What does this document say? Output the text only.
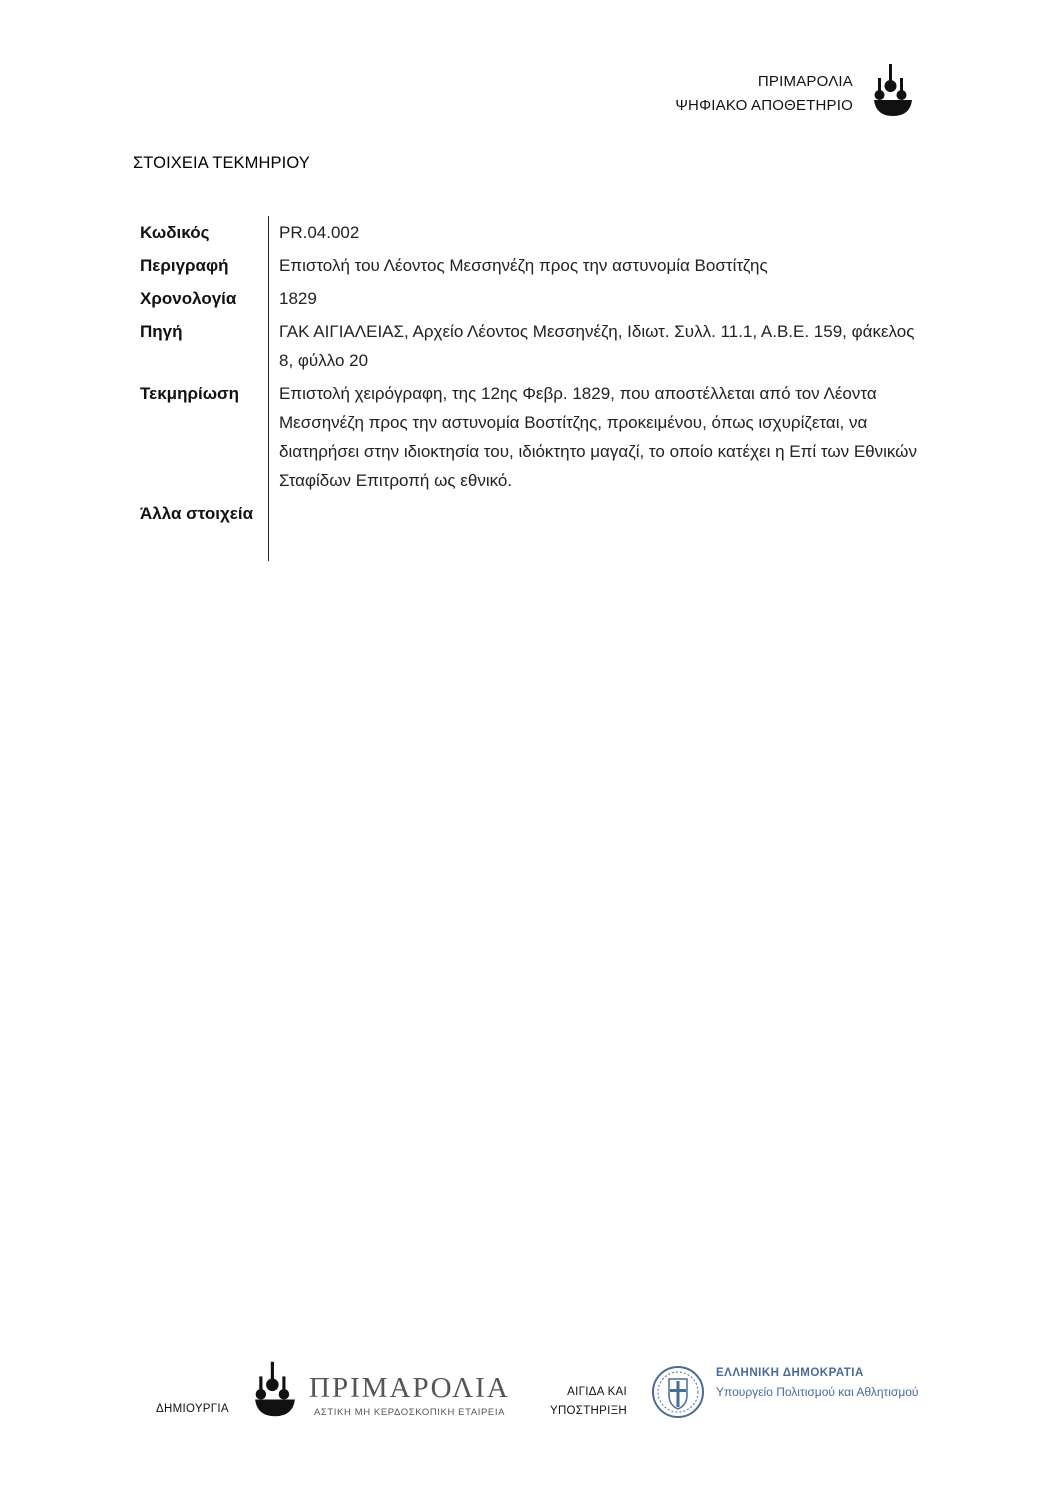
ΠΡΙΜΑΡΟΛΙΑ
ΨΗΦΙΑΚΟ ΑΠΟΘΕΤΗΡΙΟ
ΣΤΟΙΧΕΙΑ ΤΕΚΜΗΡΙΟΥ
Κωδικός	PR.04.002
Περιγραφή	Επιστολή του Λέοντος Μεσσηνέζη προς την αστυνομία Βοστίτζης
Χρονολογία	1829
Πηγή	ΓΑΚ ΑΙΓΙΑΛΕΙΑΣ, Αρχείο Λέοντος Μεσσηνέζη, Ιδιωτ. Συλλ. 11.1, Α.Β.Ε. 159, φάκελος 8, φύλλο 20
Τεκμηρίωση	Επιστολή χειρόγραφη, της 12ης Φεβρ. 1829, που αποστέλλεται από τον Λέοντα Μεσσηνέζη προς την αστυνομία Βοστίτζης, προκειμένου, όπως ισχυρίζεται, να διατηρήσει στην ιδιοκτησία του, ιδιόκτητο μαγαζί, το οποίο κατέχει η Επί των Εθνικών Σταφίδων Επιτροπή ως εθνικό.
Άλλα στοιχεία	
ΔΗΜΙΟΥΡΓΙΑ
ΠΡΙΜΑΡΟΛΙΑ
ΑΣΤΙΚΗ ΜΗ ΚΕΡΔΟΣΚΟΠΙΚΗ ΕΤΑΙΡΕΙΑ
ΑΙΓΙΔΑ ΚΑΙ
ΥΠΟΣΤΗΡΙΞΗ
ΕΛΛΗΝΙΚΗ ΔΗΜΟΚΡΑΤΙΑ
Υπουργείο Πολιτισμού και Αθλητισμού
